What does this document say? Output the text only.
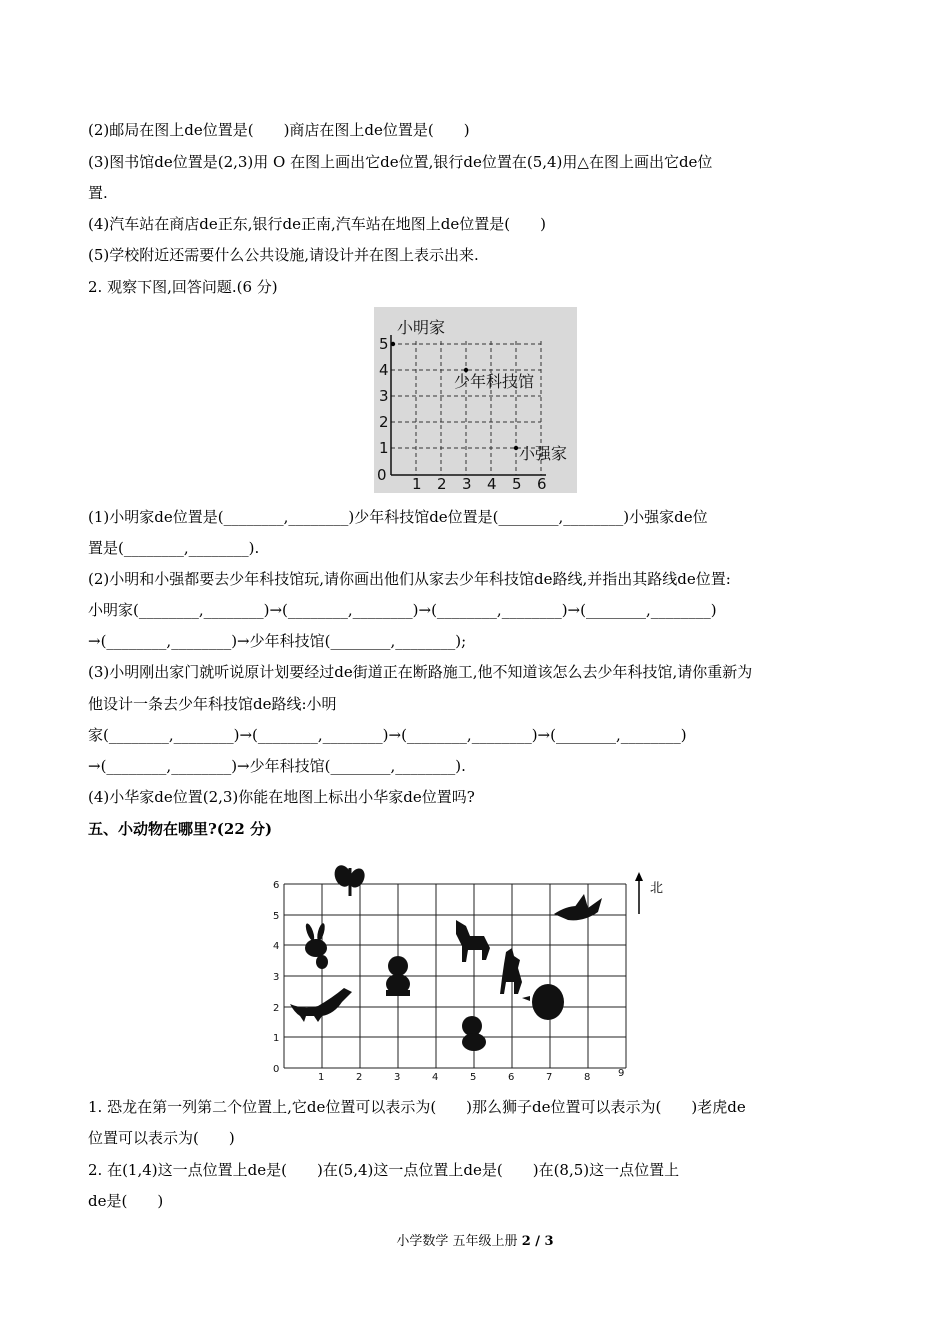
(2)邮局在图上de位置是(　　)商店在图上de位置是(　　)
(3)图书馆de位置是(2,3)用 O 在图上画出它de位置,银行de位置在(5,4)用△在图上画出它de位
置.
(4)汽车站在商店de正东,银行de正南,汽车站在地图上de位置是(　　)
(5)学校附近还需要什么公共设施,请设计并在图上表示出来.
2. 观察下图,回答问题.(6 分)
0
1
2
3
4
5
1 2 3 4 5 6
小明家
少年科技馆
小强家
(1)小明家de位置是(________,________)少年科技馆de位置是(________,________)小强家de位
置是(________,________).
(2)小明和小强都要去少年科技馆玩,请你画出他们从家去少年科技馆de路线,并指出其路线de位置:
小明家(________,________)→(________,________)→(________,________)→(________,________)
→(________,________)→少年科技馆(________,________);
(3)小明刚出家门就听说原计划要经过de街道正在断路施工,他不知道该怎么去少年科技馆,请你重新为
他设计一条去少年科技馆de路线:小明
家(________,________)→(________,________)→(________,________)→(________,________)
→(________,________)→少年科技馆(________,________).
(4)小华家de位置(2,3)你能在地图上标出小华家de位置吗?
五、小动物在哪里?(22 分)
0
1
2
3
4
5
6
1	2	3	4	5	6	7	8	9
北
1. 恐龙在第一列第二个位置上,它de位置可以表示为(　　)那么狮子de位置可以表示为(　　)老虎de
位置可以表示为(　　)
2. 在(1,4)这一点位置上de是(　　)在(5,4)这一点位置上de是(　　)在(8,5)这一点位置上
de是(　　)
小学数学 五年级上册 2 / 3
